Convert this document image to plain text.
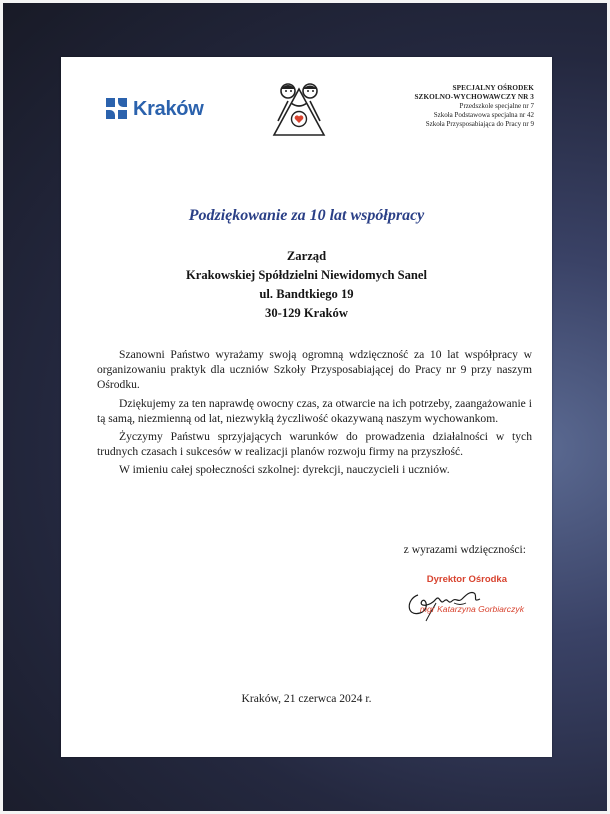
Kraków
SPECJALNY OŚRODEK
SZKOLNO-WYCHOWAWCZY NR 3
Przedszkole specjalne nr 7
Szkoła Podstawowa specjalna nr 42
Szkoła Przysposabiająca do Pracy nr 9
Podziękowanie za 10 lat współpracy
Zarząd
Krakowskiej Spółdzielni Niewidomych Sanel
ul. Bandtkiego 19
30-129 Kraków

Szanowni Państwo wyrażamy swoją ogromną wdzięczność za 10 lat współpracy w organizowaniu praktyk dla uczniów Szkoły Przysposabiającej do Pracy nr 9 przy naszym Ośrodku.

Dziękujemy za ten naprawdę owocny czas, za otwarcie na ich potrzeby, zaangażowanie i tą samą, niezmienną od lat, niezwykłą życzliwość okazywaną naszym wychowankom.

Życzymy Państwu sprzyjających warunków do prowadzenia działalności w tych trudnych czasach i sukcesów w realizacji planów rozwoju firmy na przyszłość.

W imieniu całej społeczności szkolnej: dyrekcji, nauczycieli i uczniów.

z wyrazami wdzięczności:
Dyrektor Ośrodka
mgr Katarzyna Gorbiarczyk
Kraków, 21 czerwca 2024 r.
